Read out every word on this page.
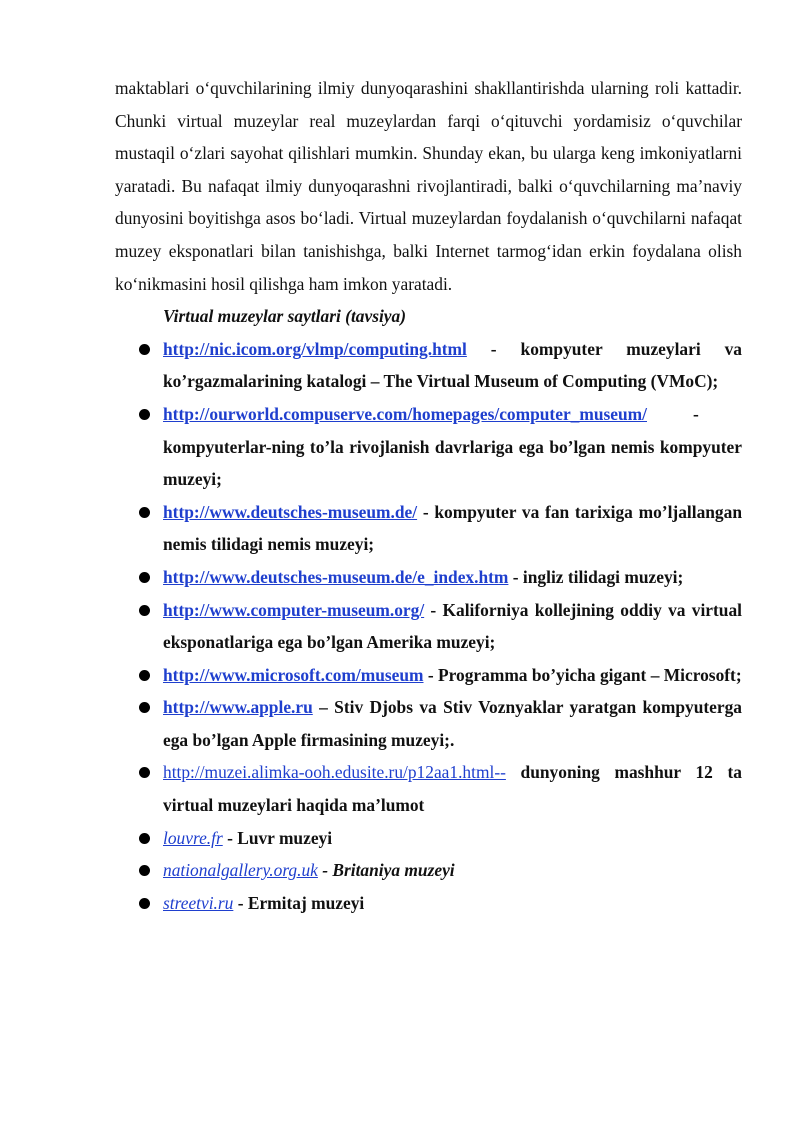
maktablari o‘quvchilarining ilmiy dunyoqarashini shakllantirishda ularning roli kattadir. Chunki virtual muzeylar real muzeylardan farqi o‘qituvchi yordamisiz o‘quvchilar mustaqil o‘zlari sayohat qilishlari mumkin. Shunday ekan, bu ularga keng imkoniyatlarni yaratadi. Bu nafaqat ilmiy dunyoqarashni rivojlantiradi, balki o‘quvchilarning ma’naviy dunyosini boyitishga asos bo‘ladi. Virtual muzeylardan foydalanish o‘quvchilarni nafaqat muzey eksponatlari bilan tanishishga, balki Internet tarmog‘idan erkin foydalana olish ko‘nikmasini hosil qilishga ham imkon yaratadi.

Virtual muzeylar saytlari (tavsiya)

http://nic.icom.org/vlmp/computing.html - kompyuter muzeylari va ko’rgazmalarining katalogi – The Virtual Museum of Computing (VMoC);
http://ourworld.compuserve.com/homepages/computer_museum/	- kompyuterlar-ning to’la rivojlanish davrlariga ega bo’lgan nemis kompyuter muzeyi;
http://www.deutsches-museum.de/ - kompyuter va fan tarixiga mo’ljallangan nemis tilidagi nemis muzeyi;
http://www.deutsches-museum.de/e_index.htm - ingliz tilidagi muzeyi;
http://www.computer-museum.org/ - Kaliforniya kollejining oddiy va virtual eksponatlariga ega bo’lgan Amerika muzeyi;
http://www.microsoft.com/museum - Programma bo’yicha gigant – Microsoft;
http://www.apple.ru – Stiv Djobs va Stiv Voznyaklar yaratgan kompyuterga ega bo’lgan Apple firmasining muzeyi;.
http://muzei.alimka-ooh.edusite.ru/p12aa1.html-- dunyoning mashhur 12 ta virtual muzeylari haqida ma’lumot
louvre.fr - Luvr muzeyi
nationalgallery.org.uk - Britaniya muzeyi
streetvi.ru - Ermitaj muzeyi
